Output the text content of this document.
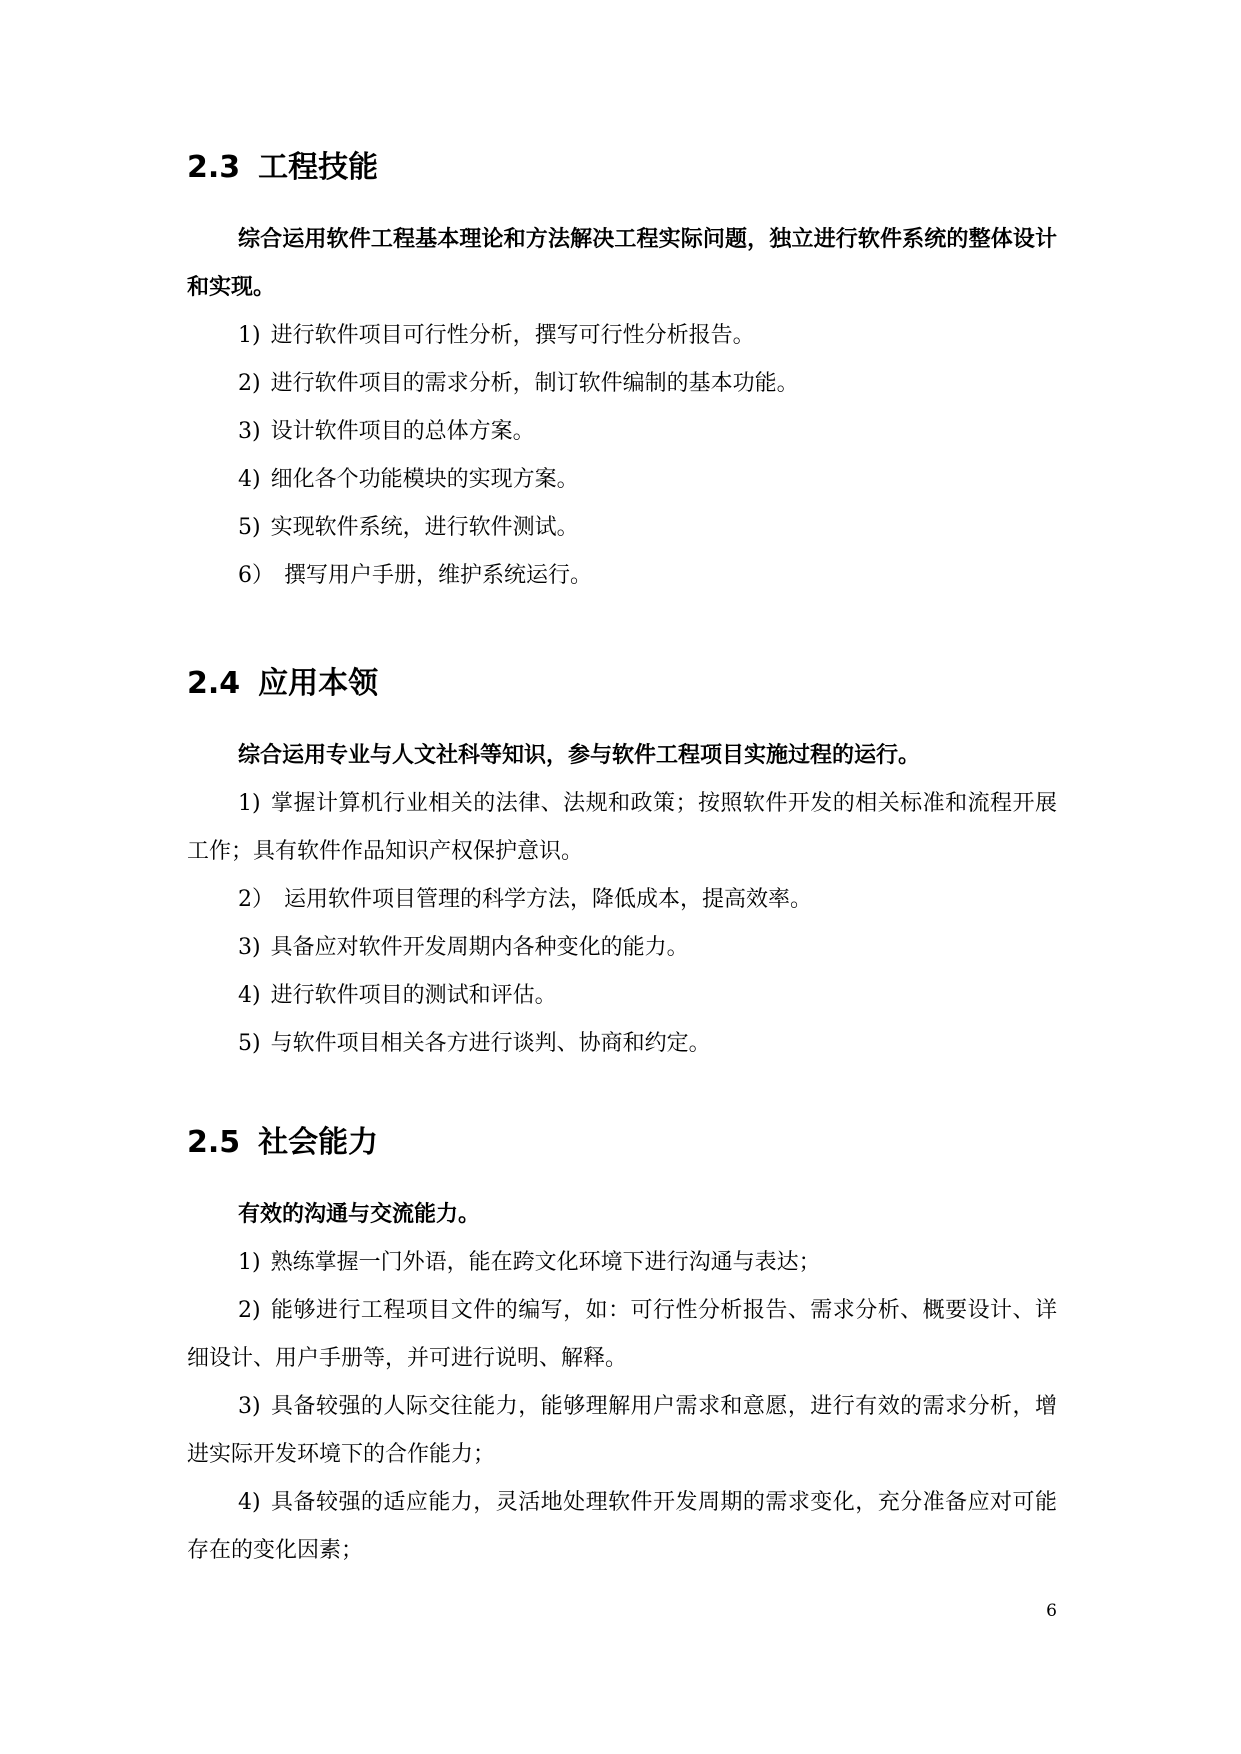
2.3 工程技能

综合运用软件工程基本理论和方法解决工程实际问题，独立进行软件系统的整体设计和实现。

1) 进行软件项目可行性分析，撰写可行性分析报告。

2) 进行软件项目的需求分析，制订软件编制的基本功能。

3) 设计软件项目的总体方案。

4) 细化各个功能模块的实现方案。

5) 实现软件系统，进行软件测试。

6） 撰写用户手册，维护系统运行。

2.4 应用本领

综合运用专业与人文社科等知识，参与软件工程项目实施过程的运行。

1) 掌握计算机行业相关的法律、法规和政策；按照软件开发的相关标准和流程开展工作；具有软件作品知识产权保护意识。

2） 运用软件项目管理的科学方法，降低成本，提高效率。

3) 具备应对软件开发周期内各种变化的能力。

4) 进行软件项目的测试和评估。

5) 与软件项目相关各方进行谈判、协商和约定。

2.5 社会能力

有效的沟通与交流能力。

1) 熟练掌握一门外语，能在跨文化环境下进行沟通与表达；

2) 能够进行工程项目文件的编写，如：可行性分析报告、需求分析、概要设计、详细设计、用户手册等，并可进行说明、解释。

3) 具备较强的人际交往能力，能够理解用户需求和意愿，进行有效的需求分析，增进实际开发环境下的合作能力；

4) 具备较强的适应能力，灵活地处理软件开发周期的需求变化，充分准备应对可能存在的变化因素；

6
